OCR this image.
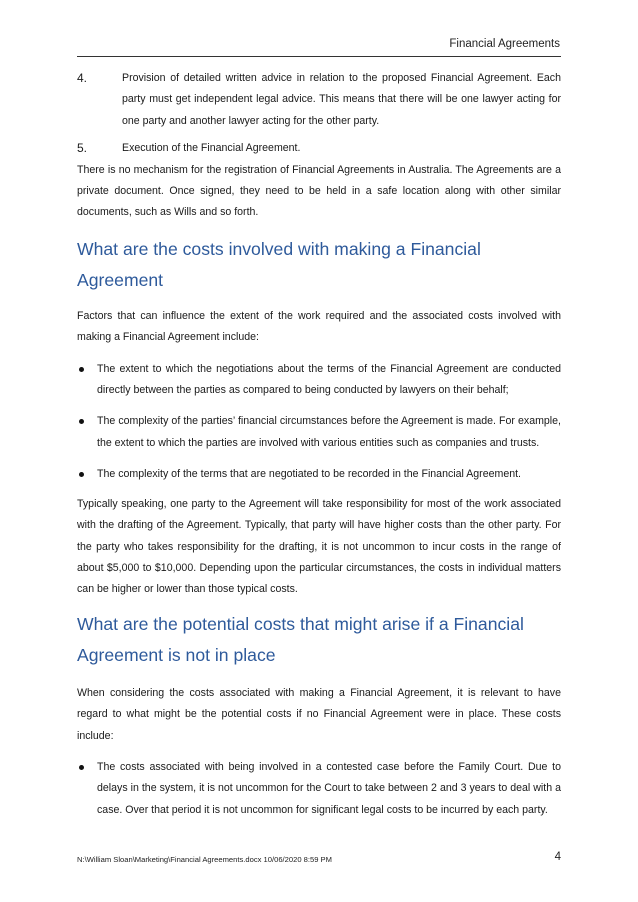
Financial Agreements
4.	Provision of detailed written advice in relation to the proposed Financial Agreement. Each party must get independent legal advice. This means that there will be one lawyer acting for one party and another lawyer acting for the other party.

5.	Execution of the Financial Agreement.

There is no mechanism for the registration of Financial Agreements in Australia. The Agreements are a private document. Once signed, they need to be held in a safe location along with other similar documents, such as Wills and so forth.

What are the costs involved with making a Financial Agreement

Factors that can influence the extent of the work required and the associated costs involved with making a Financial Agreement include:

The extent to which the negotiations about the terms of the Financial Agreement are conducted directly between the parties as compared to being conducted by lawyers on their behalf;
The complexity of the parties’ financial circumstances before the Agreement is made. For example, the extent to which the parties are involved with various entities such as companies and trusts.
The complexity of the terms that are negotiated to be recorded in the Financial Agreement.

Typically speaking, one party to the Agreement will take responsibility for most of the work associated with the drafting of the Agreement. Typically, that party will have higher costs than the other party. For the party who takes responsibility for the drafting, it is not uncommon to incur costs in the range of about $5,000 to $10,000. Depending upon the particular circumstances, the costs in individual matters can be higher or lower than those typical costs.

What are the potential costs that might arise if a Financial Agreement is not in place

When considering the costs associated with making a Financial Agreement, it is relevant to have regard to what might be the potential costs if no Financial Agreement were in place. These costs include:

The costs associated with being involved in a contested case before the Family Court. Due to delays in the system, it is not uncommon for the Court to take between 2 and 3 years to deal with a case. Over that period it is not uncommon for significant legal costs to be incurred by each party.
N:\William Sloan\Marketing\Financial Agreements.docx 10/06/2020 8:59 PM	4
